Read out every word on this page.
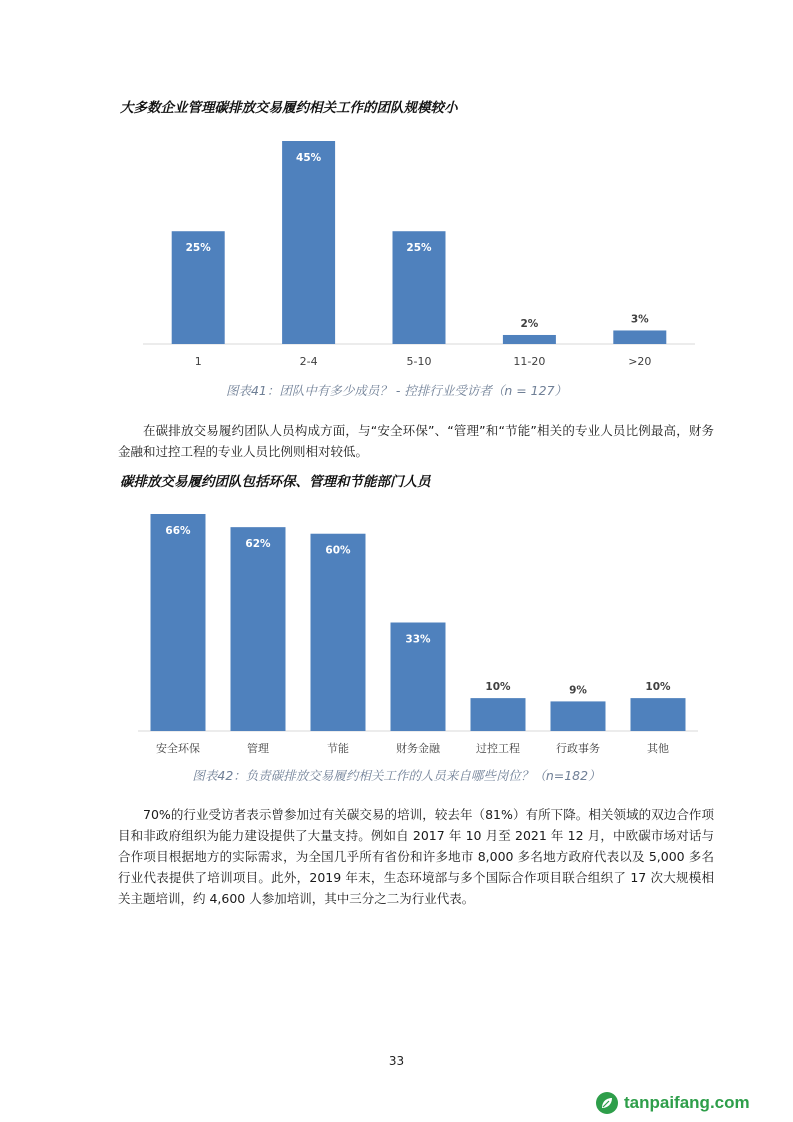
大多数企业管理碳排放交易履约相关工作的团队规模较小
25%
1
45%
2-4
25%
5-10
2%
11-20
3%
>20
图表41：团队中有多少成员？ - 控排行业受访者（n = 127）
在碳排放交易履约团队人员构成方面，与“安全环保”、“管理”和“节能”相关的专业人员比例最高，财务金融和过控工程的专业人员比例则相对较低。
碳排放交易履约团队包括环保、管理和节能部门人员
66%
安全环保
62%
管理
60%
节能
33%
财务金融
10%
过控工程
9%
行政事务
10%
其他
图表42：负责碳排放交易履约相关工作的人员来自哪些岗位？（n=182）
70%的行业受访者表示曾参加过有关碳交易的培训，较去年（81%）有所下降。相关领域的双边合作项目和非政府组织为能力建设提供了大量支持。例如自 2017 年 10 月至 2021 年 12 月，中欧碳市场对话与合作项目根据地方的实际需求，为全国几乎所有省份和许多地市 8,000 多名地方政府代表以及 5,000 多名行业代表提供了培训项目。此外，2019 年末，生态环境部与多个国际合作项目联合组织了 17 次大规模相关主题培训，约 4,600 人参加培训，其中三分之二为行业代表。
33
tanpaifang.com
